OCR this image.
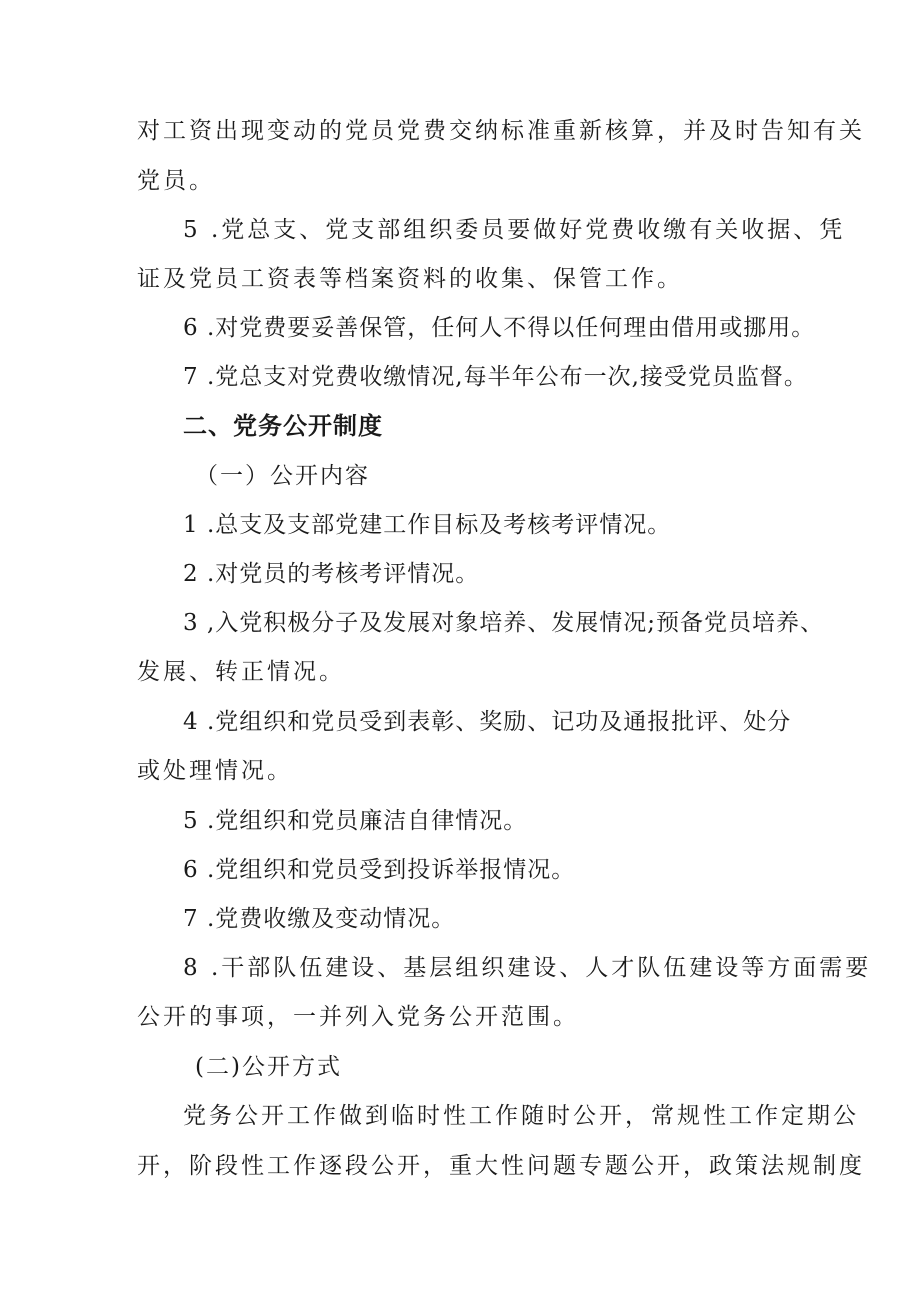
对工资出现变动的党员党费交纳标准重新核算，并及时告知有关
党员。
5 .党总支、党支部组织委员要做好党费收缴有关收据、凭
证及党员工资表等档案资料的收集、保管工作。
6 .对党费要妥善保管，任何人不得以任何理由借用或挪用。
7 .党总支对党费收缴情况,每半年公布一次,接受党员监督。
二、党务公开制度
（一）公开内容
1 .总支及支部党建工作目标及考核考评情况。
2 .对党员的考核考评情况。
3 ,入党积极分子及发展对象培养、发展情况;预备党员培养、
发展、转正情况。
4 .党组织和党员受到表彰、奖励、记功及通报批评、处分
或处理情况。
5 .党组织和党员廉洁自律情况。
6 .党组织和党员受到投诉举报情况。
7 .党费收缴及变动情况。
8 .干部队伍建设、基层组织建设、人才队伍建设等方面需要
公开的事项，一并列入党务公开范围。
(二)公开方式
党务公开工作做到临时性工作随时公开，常规性工作定期公
开，阶段性工作逐段公开，重大性问题专题公开，政策法规制度
